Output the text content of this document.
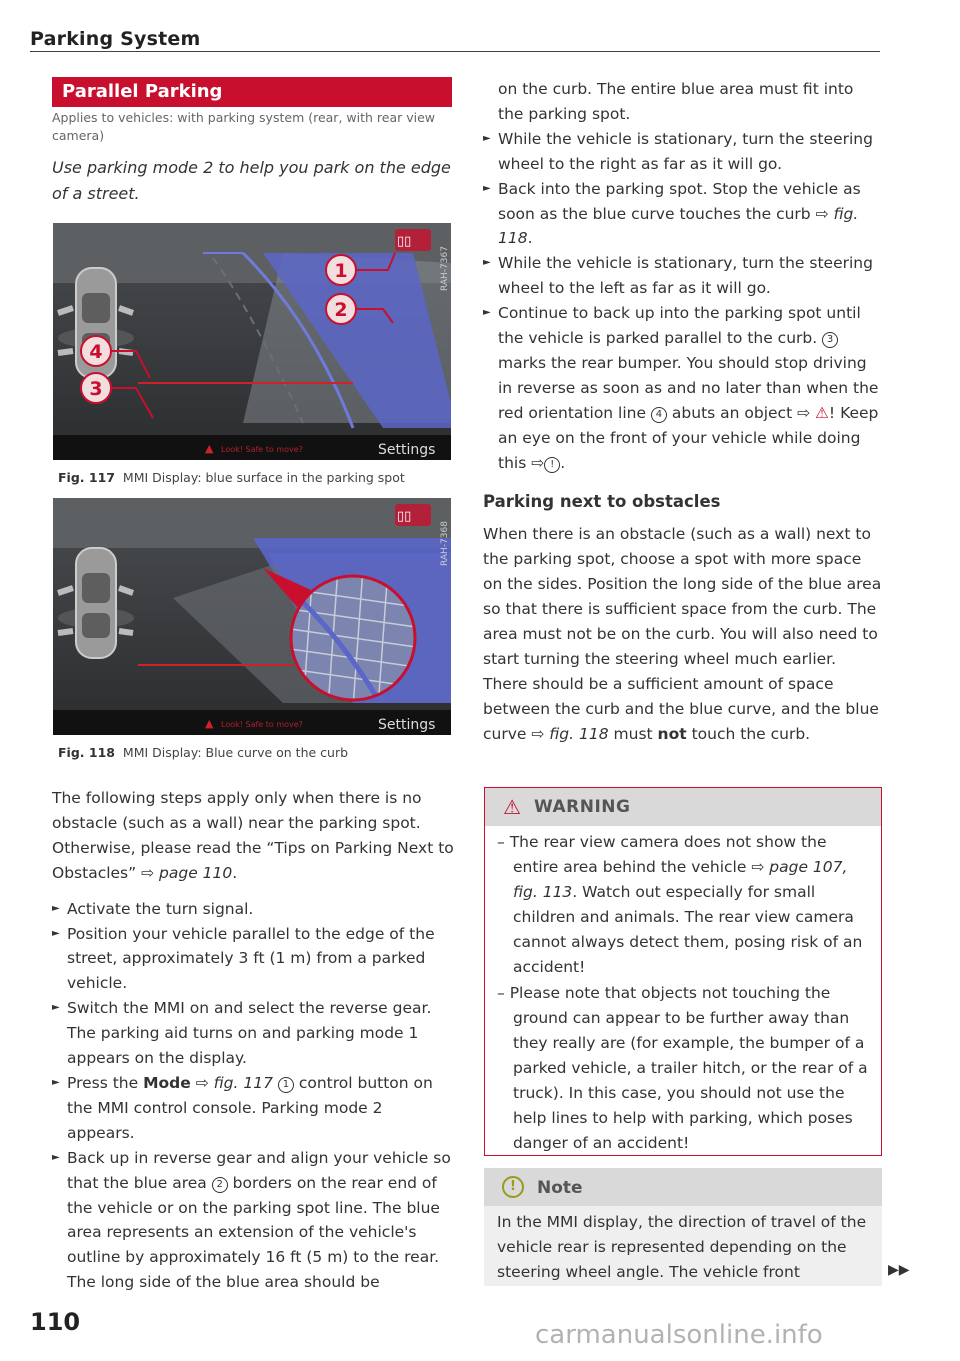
Parking System
Parallel Parking
Applies to vehicles: with parking system (rear, with rear view camera)
Use parking mode 2 to help you park on the edge of a street.
▯▯
RAH-7367
1
2
4
3
▲ Look! Safe to move?	Settings
Fig. 117 MMI Display: blue surface in the parking spot
▯▯
RAH-7368
▲ Look! Safe to move?	Settings
Fig. 118 MMI Display: Blue curve on the curb

The following steps apply only when there is no obstacle (such as a wall) near the parking spot. Otherwise, please read the “Tips on Parking Next to Obstacles” ⇨ page 110.

► Activate the turn signal.

► Position your vehicle parallel to the edge of the street, approximately 3 ft (1 m) from a parked vehicle.

► Switch the MMI on and select the reverse gear. The parking aid turns on and parking mode 1 appears on the display.

► Press the Mode ⇨ fig. 117 1 control button on the MMI control console. Parking mode 2 appears.

► Back up in reverse gear and align your vehicle so that the blue area 2 borders on the rear end of the vehicle or on the parking spot line. The blue area represents an extension of the vehicle's outline by approximately 16 ft (5 m) to the rear. The long side of the blue area should be

on the curb. The entire blue area must fit into the parking spot.

► While the vehicle is stationary, turn the steering wheel to the right as far as it will go.

► Back into the parking spot. Stop the vehicle as soon as the blue curve touches the curb ⇨ fig. 118.

► While the vehicle is stationary, turn the steering wheel to the left as far as it will go.

► Continue to back up into the parking spot until the vehicle is parked parallel to the curb. 3 marks the rear bumper. You should stop driving in reverse as soon as and no later than when the red orientation line 4 abuts an object ⇨ ⚠! Keep an eye on the front of your vehicle while doing this ⇨ ! .

Parking next to obstacles

When there is an obstacle (such as a wall) next to the parking spot, choose a spot with more space on the sides. Position the long side of the blue area so that there is sufficient space from the curb. The area must not be on the curb. You will also need to start turning the steering wheel much earlier. There should be a sufficient amount of space between the curb and the blue curve, and the blue curve ⇨ fig. 118 must not touch the curb.

⚠ WARNING

– The rear view camera does not show the entire area behind the vehicle ⇨ page 107, fig. 113. Watch out especially for small children and animals. The rear view camera cannot always detect them, posing risk of an accident!

– Please note that objects not touching the ground can appear to be further away than they really are (for example, the bumper of a parked vehicle, a trailer hitch, or the rear of a truck). In this case, you should not use the help lines to help with parking, which poses danger of an accident!

!	Note
In the MMI display, the direction of travel of the vehicle rear is represented depending on the steering wheel angle. The vehicle front	▶▶
110	carmanualsonline.info
